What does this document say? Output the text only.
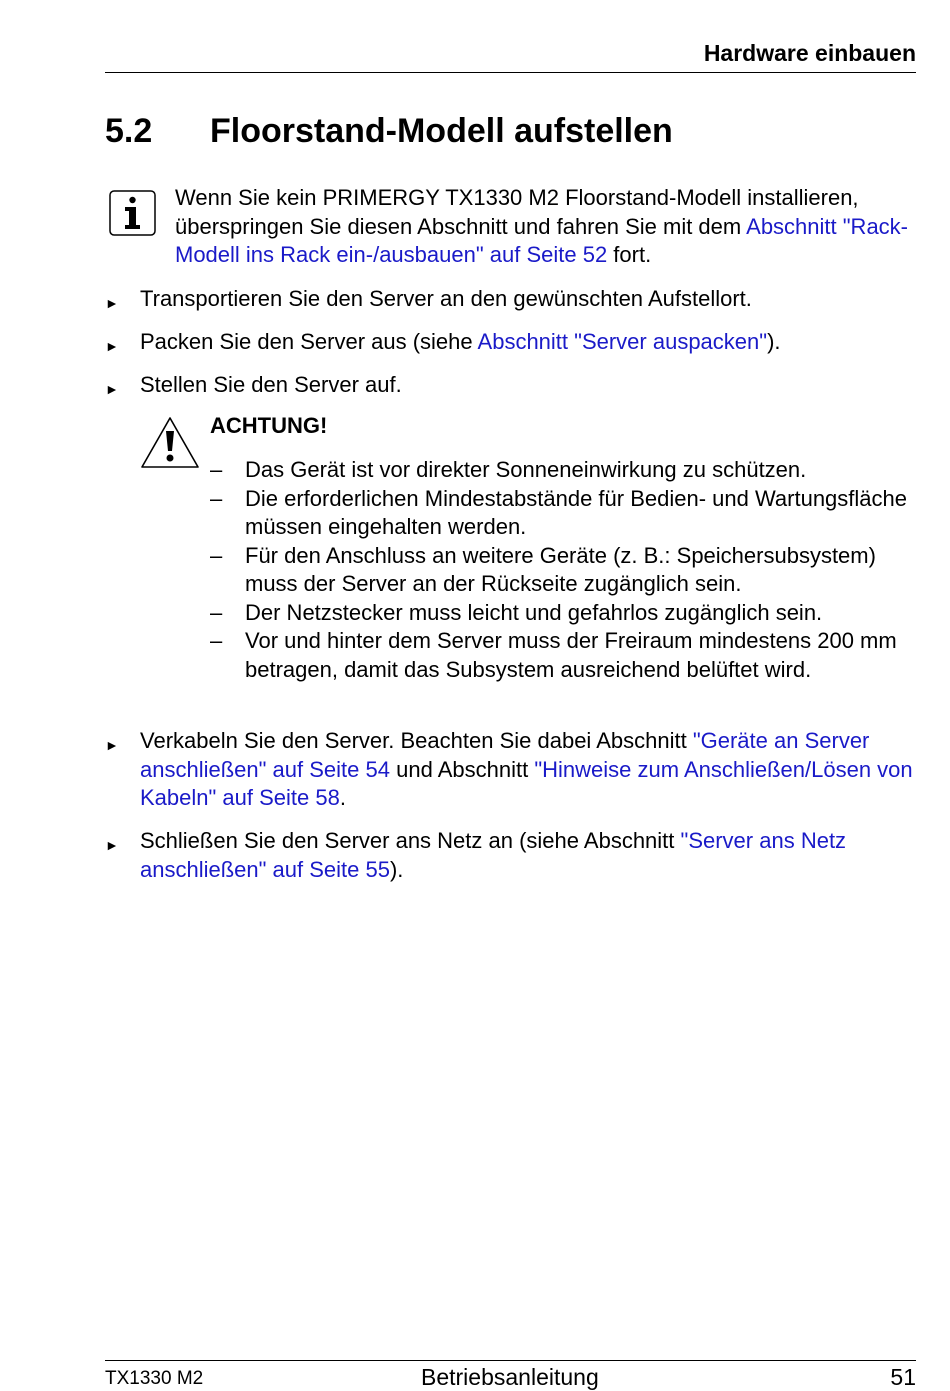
Hardware einbauen
5.2 Floorstand-Modell aufstellen
Wenn Sie kein PRIMERGY TX1330 M2 Floorstand-Modell installieren, überspringen Sie diesen Abschnitt und fahren Sie mit dem Abschnitt "Rack-Modell ins Rack ein-/ausbauen" auf Seite 52 fort.
► Transportieren Sie den Server an den gewünschten Aufstellort.
► Packen Sie den Server aus (siehe Abschnitt "Server auspacken").
► Stellen Sie den Server auf.
ACHTUNG!
– Das Gerät ist vor direkter Sonneneinwirkung zu schützen.
– Die erforderlichen Mindestabstände für Bedien- und Wartungsfläche müssen eingehalten werden.
– Für den Anschluss an weitere Geräte (z. B.: Speichersubsystem) muss der Server an der Rückseite zugänglich sein.
– Der Netzstecker muss leicht und gefahrlos zugänglich sein.
– Vor und hinter dem Server muss der Freiraum mindestens 200 mm betragen, damit das Subsystem ausreichend belüftet wird.
► Verkabeln Sie den Server. Beachten Sie dabei Abschnitt "Geräte an Server anschließen" auf Seite 54 und Abschnitt "Hinweise zum Anschließen/Lösen von Kabeln" auf Seite 58.
► Schließen Sie den Server ans Netz an (siehe Abschnitt "Server ans Netz anschließen" auf Seite 55).
TX1330 M2	Betriebsanleitung	51
